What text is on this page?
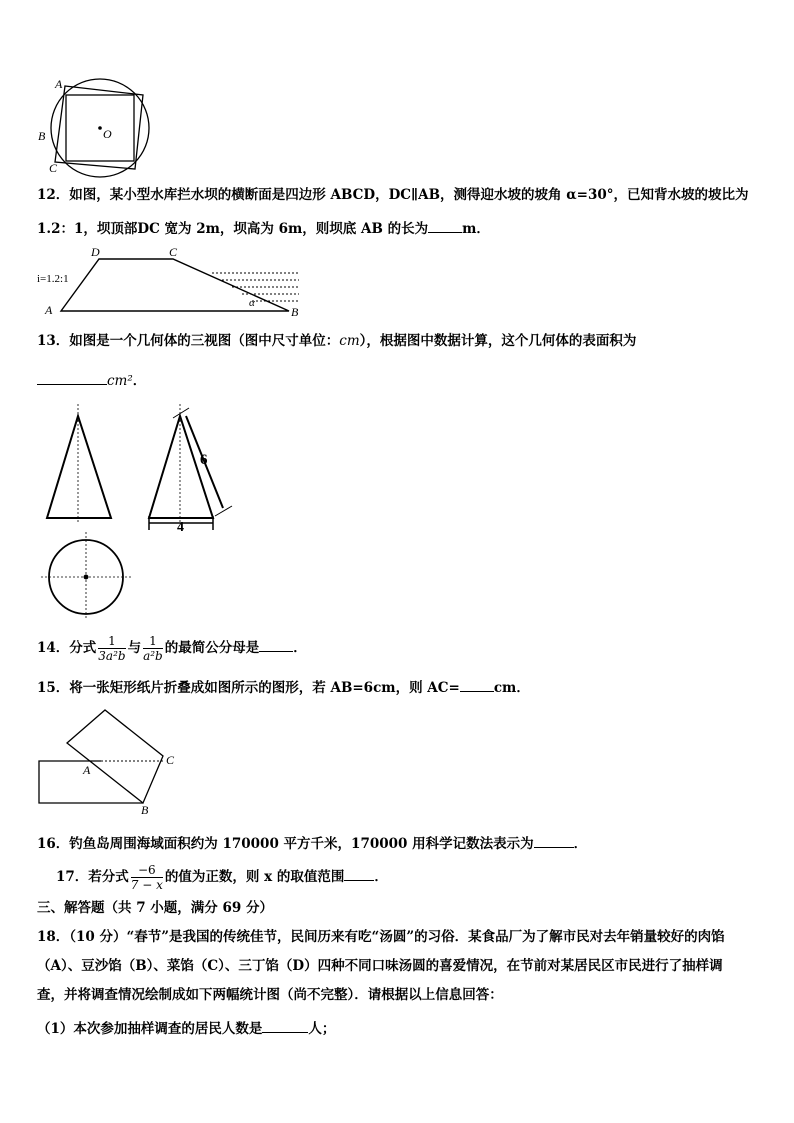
O
A
B
C
12．如图，某小型水库拦水坝的横断面是四边形 ABCD，DC∥AB，测得迎水坡的坡角 α=30°，已知背水坡的坡比为
1.2：1，坝顶部DC 宽为 2m，坝高为 6m，则坝底 AB 的长为	m．
D	C
A	B
α
i=1.2:1
13．如图是一个几何体的三视图（图中尺寸单位：cm），根据图中数据计算，这个几何体的表面积为
cm²．
6
4
14．分式 $\frac{1}{\text{3a²b}}$ 与 $\frac{1}{\text{a²b}}$ 的最简公分母是	．
15．将一张矩形纸片折叠成如图所示的图形，若 AB=6cm，则 AC=	cm．
A
C
B
16．钓鱼岛周围海域面积约为 170000 平方千米，170000 用科学记数法表示为	．
17．若分式 $\frac{-6}{7 - x}$ 的值为正数，则 x 的取值范围 ．
三、解答题（共 7 小题，满分 69 分）
18．（10 分）“春节”是我国的传统佳节，民间历来有吃“汤圆”的习俗．某食品厂为了解市民对去年销量较好的肉馅
（A）、豆沙馅（B）、菜馅（C）、三丁馅（D）四种不同口味汤圆的喜爱情况，在节前对某居民区市民进行了抽样调
查，并将调查情况绘制成如下两幅统计图（尚不完整）．请根据以上信息回答：
（1）本次参加抽样调查的居民人数是	人；
